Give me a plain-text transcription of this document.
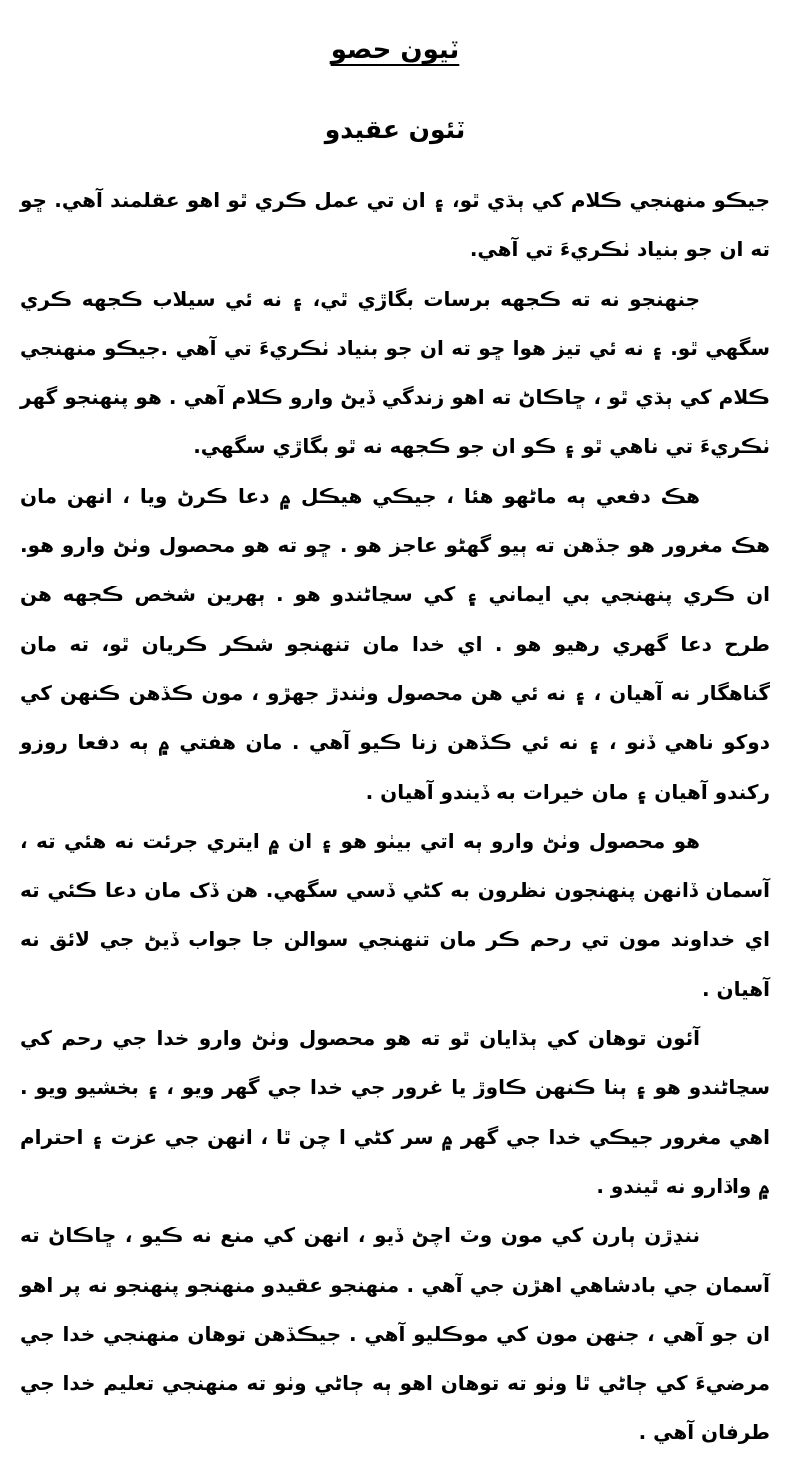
ٽيون حصو
ٽئون عقيدو

جيڪو منهنجي ڪلام کي ٻڌي ٿو، ۽ ان تي عمل ڪري ٿو اهو عقلمند آهي. ڇو ته ان جو بنياد ٺڪريءَ تي آهي.

جنهنجو نه ته ڪجهه برسات بگاڙي ٿي، ۽ نه ئي سيلاب ڪجهه ڪري سگهي ٿو. ۽ نه ئي تيز هوا ڇو ته ان جو بنياد ٺڪريءَ تي آهي .جيڪو منهنجي ڪلام کي ٻڌي ٿو ، ڇاڪاڻ ته اهو زندگي ڏيڻ وارو ڪلام آهي . هو پنهنجو گهر ٺڪريءَ تي ناهي ٿو ۽ ڪو ان جو ڪجهه نه ٿو بگاڙي سگهي.

هڪ دفعي ٻه ماڻهو هئا ، جيڪي هيڪل ۾ دعا ڪرڻ ويا ، انهن مان هڪ مغرور هو جڏهن ته ٻيو گهڻو عاجز هو . ڇو ته هو محصول وٺڻ وارو هو. ان ڪري پنهنجي بي ايماني ۽ کي سڃاڻندو هو . ٻهرين شخص ڪجهه هن طرح دعا گهري رهيو هو . اي خدا مان تنهنجو شڪر ڪريان ٿو، ته مان گناهگار نه آهيان ، ۽ نه ئي هن محصول وٺندڙ جهڙو ، مون ڪڏهن ڪنهن کي دوکو ناهي ڏنو ، ۽ نه ئي ڪڏهن زنا ڪيو آهي . مان هفتي ۾ ٻه دفعا روزو رکندو آهيان ۽ مان خيرات به ڏيندو آهيان .

هو محصول وٺڻ وارو ٻه اتي بيٺو هو ۽ ان ۾ ايتري جرئت نه هئي ته ، آسمان ڏانهن پنهنجون نظرون به کڻي ڏسي سگهي. هن ڏک مان دعا ڪئي ته اي خداوند مون تي رحم ڪر مان تنهنجي سوالن جا جواب ڏيڻ جي لائق نه آهيان .

آئون توهان کي ٻڌايان ٿو ته هو محصول وٺڻ وارو خدا جي رحم کي سڃاڻندو هو ۽ ٻنا ڪنهن ڪاوڙ يا غرور جي خدا جي گهر ويو ، ۽ بخشيو ويو . اهي مغرور جيڪي خدا جي گهر ۾ سر کڻي ا چن ٿا ، انهن جي عزت ۽ احترام ۾ واڌارو نه ٿيندو .

ننڍڙن ٻارن کي مون وٽ اچڻ ڏيو ، انهن کي منع نه ڪيو ، ڇاڪاڻ ته آسمان جي بادشاهي اهڙن جي آهي . منهنجو عقيدو منهنجو پنهنجو نه پر اهو ان جو آهي ، جنهن مون کي موڪليو آهي . جيڪڏهن توهان منهنجي خدا جي مرضيءَ کي ڄاڻي ٿا وٺو ته توهان اهو ٻه ڄاڻي وٺو ته منهنجي تعليم خدا جي طرفان آهي .
